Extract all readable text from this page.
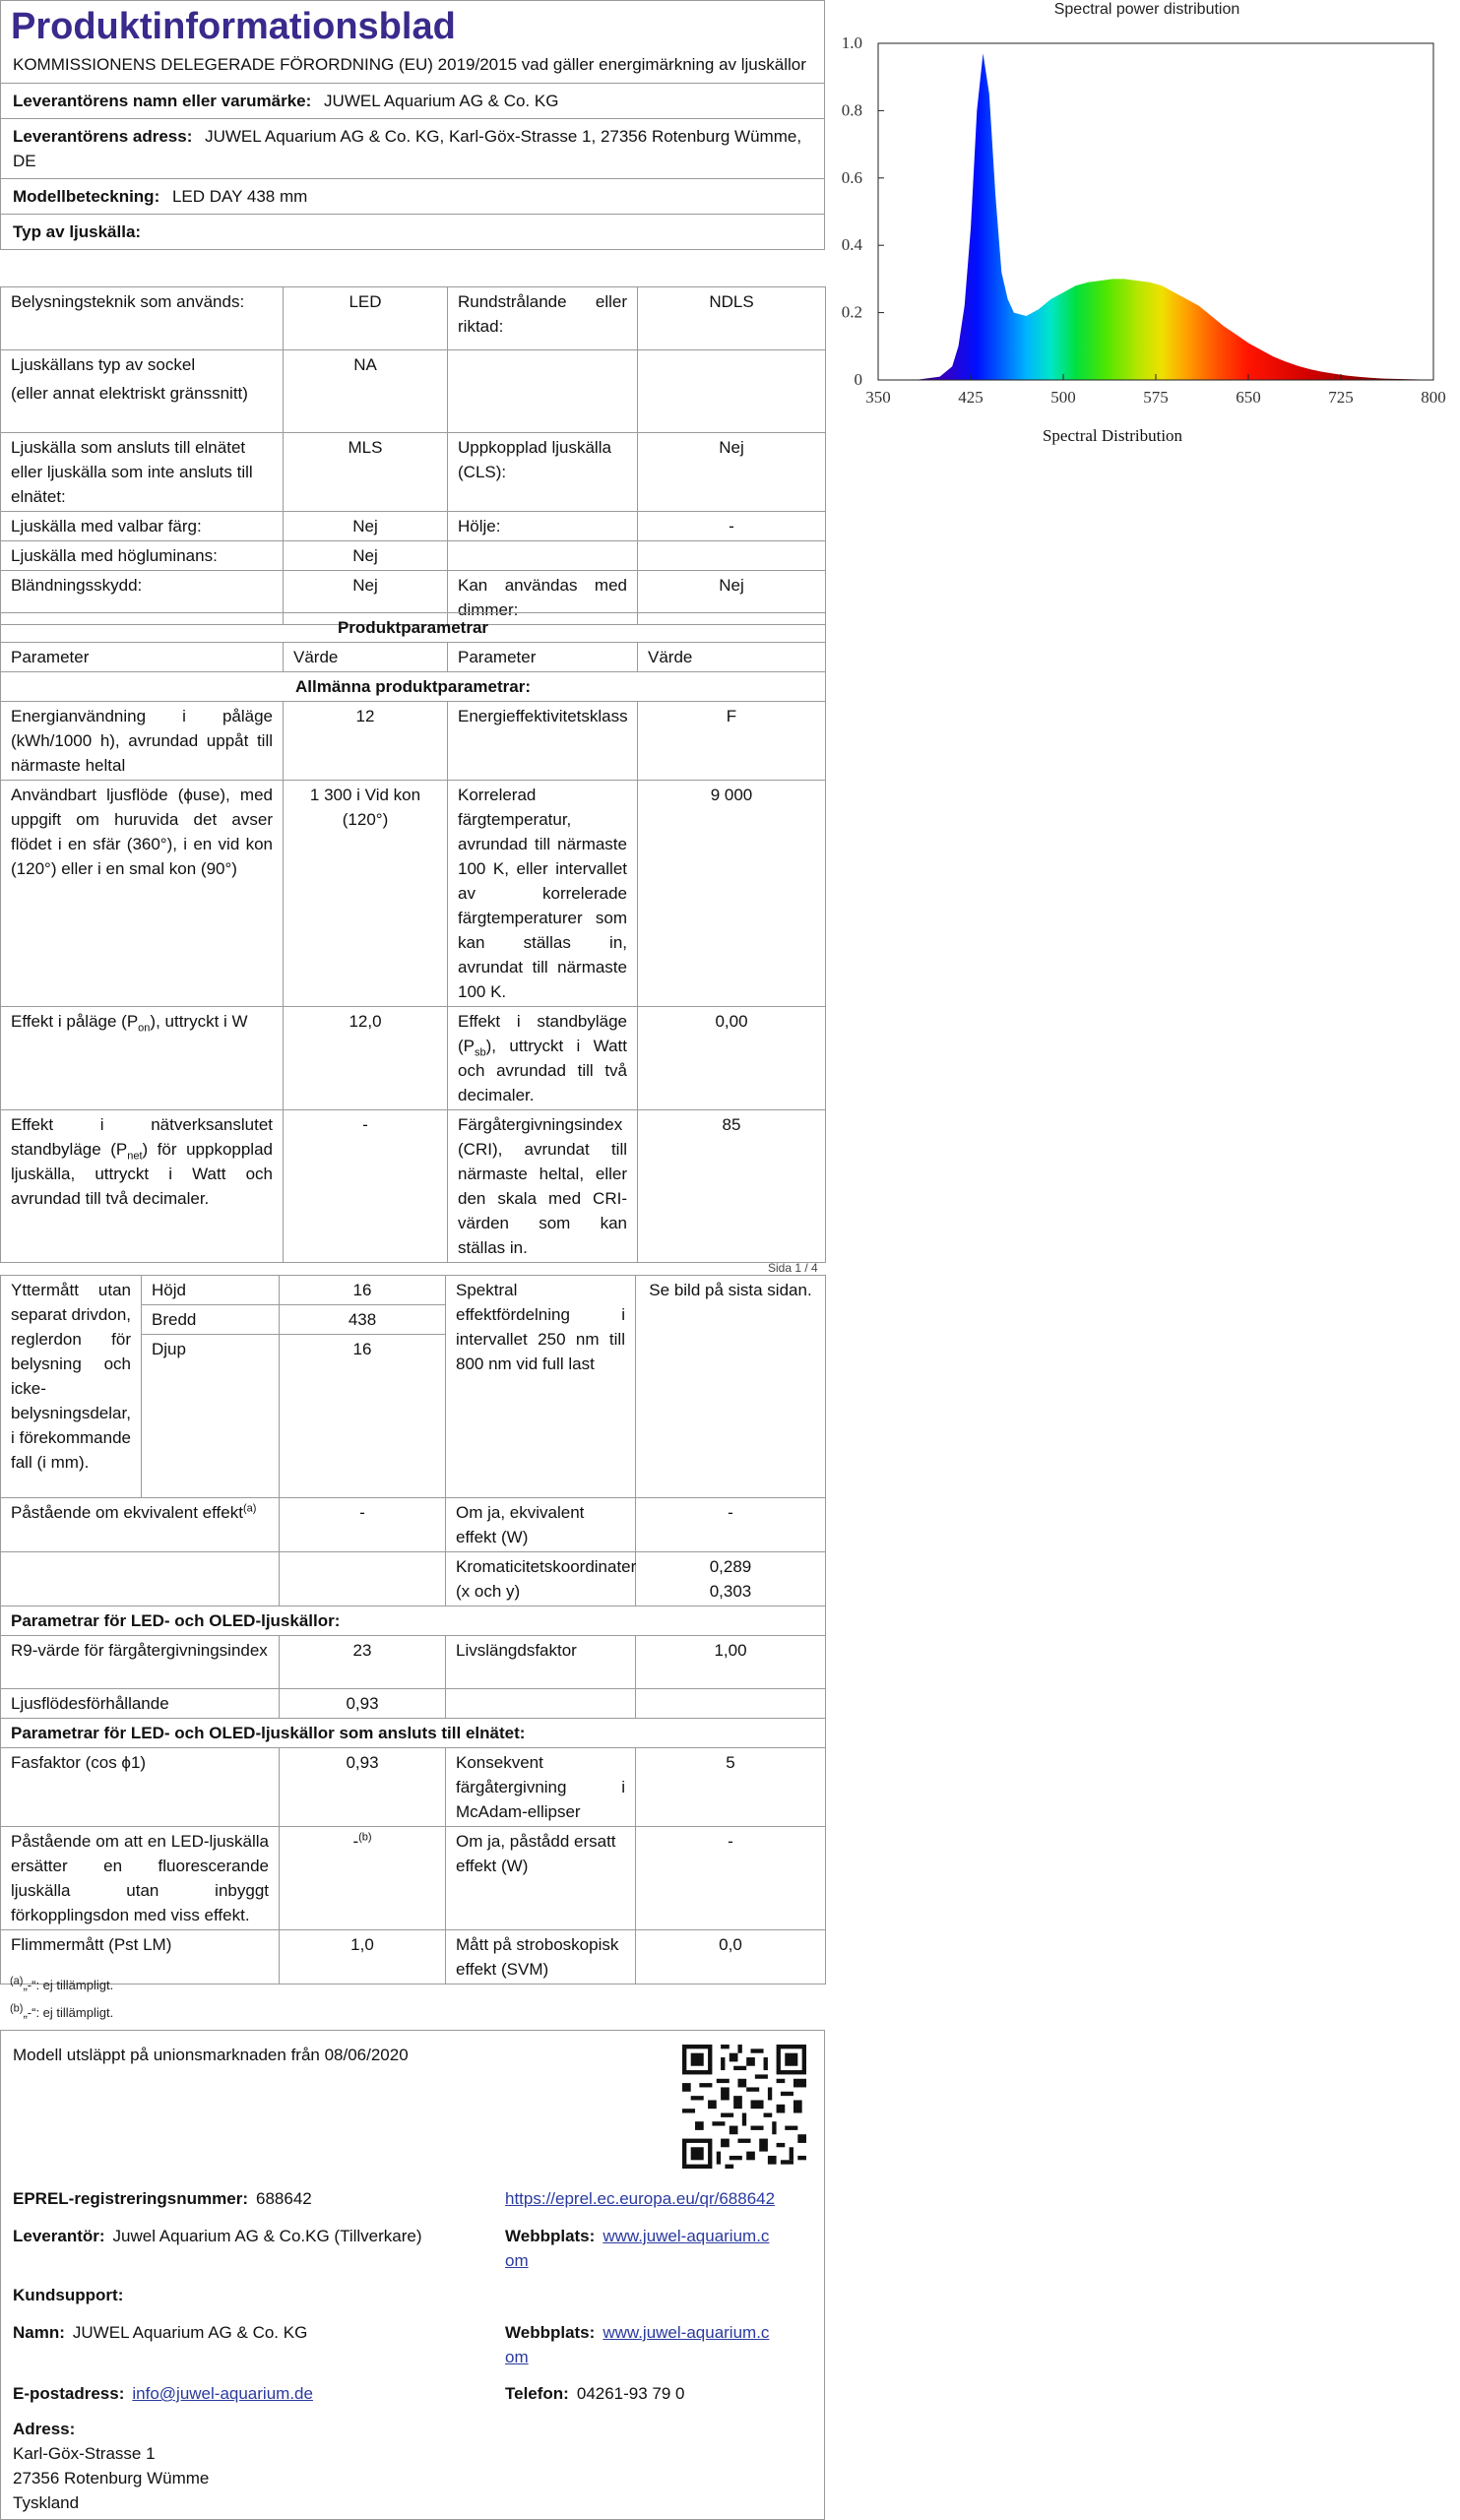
Produktinformationsblad
KOMMISSIONENS DELEGERADE FÖRORDNING (EU) 2019/2015 vad gäller energimärkning av ljuskällor
Leverantörens namn eller varumärke: JUWEL Aquarium AG & Co. KG
Leverantörens adress: JUWEL Aquarium AG & Co. KG, Karl-Göx-Strasse 1, 27356 Rotenburg Wümme, DE
Modellbeteckning: LED DAY 438 mm
Typ av ljuskälla:
Belysningsteknik som används:	LED	Rundstrålande eller riktad:	NDLS

Ljuskällans typ av sockel
(eller annat elektriskt gränssnitt)	NA		
Ljuskälla som ansluts till elnätet eller ljuskälla som inte ansluts till elnätet:	MLS	Uppkopplad ljuskälla (CLS):	Nej
Ljuskälla med valbar färg:	Nej	Hölje:	-
Ljuskälla med högluminans:	Nej		
Bländningsskydd:	Nej	Kan användas med dimmer:	Nej
Produktparametrar			
Parameter	Värde	Parameter	Värde
Allmänna produktparametrar:			
Energianvändning i påläge (kWh/1000 h), avrundad uppåt till närmaste heltal	12	Energieffektivitetsklass	F
Användbart ljusflöde (ϕuse), med uppgift om huruvida det avser flödet i en sfär (360°), i en vid kon (120°) eller i en smal kon (90°)	1 300 i Vid kon (120°)	Korrelerad färgtemperatur, avrundad till närmaste 100 K, eller intervallet av korrelerade färgtemperaturer som kan ställas in, avrundat till närmaste 100 K.	9 000
Effekt i påläge $(P_{on})$, uttryckt i W	12,0	Effekt i standbyläge $(P_{sb})$, uttryckt i Watt och avrundad till två decimaler.	0,00
Effekt i nätverksanslutet standbyläge $(P_{net})$ för uppkopplad ljuskälla, uttryckt i Watt och avrundad till två decimaler.	-	Färgåtergivningsindex (CRI), avrundat till närmaste heltal, eller den skala med CRI-värden som kan ställas in.	85
Sida 1 / 4
Yttermått utan separat drivdon, reglerdon för belysning och icke-belysningsdelar, i förekommande fall (i mm).	Höjd	16	Spektral effektfördelning i intervallet 250 nm till 800 nm vid full last	Se bild på sista sidan.
	Bredd	438		
	Djup	16		
Påstående om ekvivalent effekt$^{(a)}$		-	Om ja, ekvivalent effekt (W)	-
			Kromaticitetskoordinater (x och y)	0,289
0,303

Parametrar för LED- och OLED-ljuskällor:				
R9-värde för färgåtergivningsindex		23	Livslängdsfaktor	1,00
Ljusflödesförhållande		0,93		
Parametrar för LED- och OLED-ljuskällor som ansluts till elnätet:				
Fasfaktor (cos ϕ1)		0,93	Konsekvent färgåtergivning i McAdam-ellipser	5
Påstående om att en LED-ljuskälla ersätter en fluorescerande ljuskälla utan inbyggt förkopplingsdon med viss effekt.		-$^{(b)}$	Om ja, påstådd ersatt effekt (W)	-
Flimmermått (Pst LM)		1,0	Mått på stroboskopisk effekt (SVM)	0,0
$^{(a)}$„-“: ej tillämpligt.
$^{(b)}$„-“: ej tillämpligt.
Modell utsläppt på unionsmarknaden från 08/06/2020
EPREL-registreringsnummer: 688642	https://eprel.ec.europa.eu/qr/688642
Leverantör: Juwel Aquarium AG & Co.KG (Tillverkare)	Webbplats: www.juwel-aquarium.c
om
Kundsupport:
Namn: JUWEL Aquarium AG & Co. KG	Webbplats: www.juwel-aquarium.c
om
E-postadress: info@juwel-aquarium.de	Telefon: 04261-93 79 0
Adress:
Karl-Göx-Strasse 1
27356 Rotenburg Wümme
Tyskland
Spectral power distribution
0
0.2
0.4
0.6
0.8
1.0
350	425	500	575	650	725	800
Spectral Distribution
